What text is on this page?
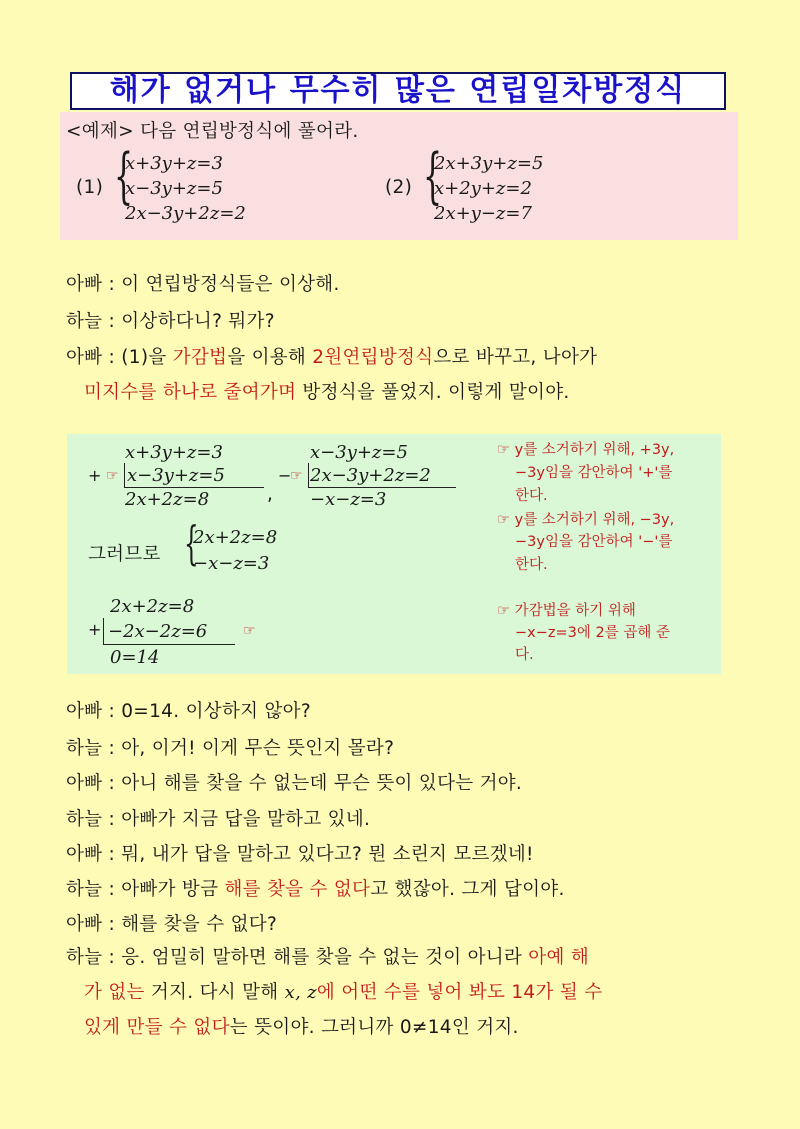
해가 없거나 무수히 많은 연립일차방정식
<예제> 다음 연립방정식에 풀어라.
(1) {
x+3y+z=3
x−3y+z=5
2x−3y+2z=2
(2) {
2x+3y+z=5
x+2y+z=2
2x+y−z=7
아빠 : 이 연립방정식들은 이상해.
하늘 : 이상하다니? 뭐가?
아빠 : (1)을 가감법을 이용해 2원연립방정식으로 바꾸고, 나아가
미지수를 하나로 줄여가며 방정식을 풀었지. 이렇게 말이야.
x+3y+z=3
+ ☞ x−3y+z=5
2x+2z=8	,
x−3y+z=5
−
☞ 2x−3y+2z=2
−x−z=3
그러므로 {
2x+2z=8
−x−z=3
2x+2z=8
+ −2x−2z=6	☞
0=14
☞ y를 소거하기 위해, +3y,
−3y임을 감안하여 '+'를
한다.
☞ y를 소거하기 위해, −3y,
−3y임을 감안하여 '−'를
한다.
☞ 가감법을 하기 위해
−x−z=3에 2를 곱해 준
다.
아빠 : 0=14. 이상하지 않아?
하늘 : 아, 이거! 이게 무슨 뜻인지 몰라?
아빠 : 아니 해를 찾을 수 없는데 무슨 뜻이 있다는 거야.
하늘 : 아빠가 지금 답을 말하고 있네.
아빠 : 뭐, 내가 답을 말하고 있다고? 뭔 소린지 모르겠네!
하늘 : 아빠가 방금 해를 찾을 수 없다고 했잖아. 그게 답이야.
아빠 : 해를 찾을 수 없다?
하늘 : 응. 엄밀히 말하면 해를 찾을 수 없는 것이 아니라 아예 해
가 없는 거지. 다시 말해 x, z에 어떤 수를 넣어 봐도 14가 될 수
있게 만들 수 없다는 뜻이야. 그러니까 0≠14인 거지.
